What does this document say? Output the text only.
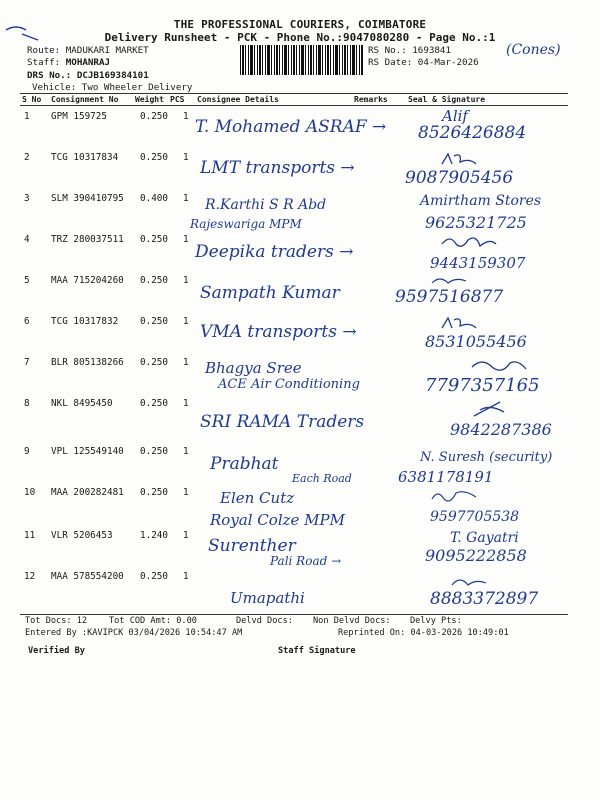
THE PROFESSIONAL COURIERS, COIMBATORE
Delivery Runsheet - PCK - Phone No.:9047080280 - Page No.:1
Route: MADUKARI MARKET
Staff: MOHANRAJ
DRS No.: DCJB169384101
Vehicle: Two Wheeler Delivery
RS No.: 1693841
RS Date: 04-Mar-2026
(Cones)
S No Consignment No Weight PCS Consignee Details	Remarks	Seal & Signature
1 GPM 159725	0.250 1
T. Mohamed ASRAF →
Alif
8526426884
2 TCG 10317834 0.250 1
LMT transports →	9087905456
3 SLM 390410795 0.400 1 R.Karthi S R Abd
Rajeswariga MPM
Amirtham Stores
9625321725
4 TRZ 280037511 0.250 1
Deepika traders →
9443159307
5 MAA 715204260 0.250 1
Sampath Kumar	9597516877
6 TCG 10317832 0.250 1
VMA transports →	8531055456
7 BLR 805138266 0.250 1 Bhagya Sree
ACE Air Conditioning	7797357165
8 NKL 8495450	0.250 1
SRI RAMA Traders	9842287386
9 VPL 125549140 0.250 1
Prabhat
Each Road
N. Suresh (security)
6381178191
10 MAA 200282481 0.250 1 Elen Cutz
Royal Colze MPM	9597705538
11 VLR 5206453	1.240 1
Surenther
Pali Road →
T. Gayatri
9095222858
12 MAA 578554200 0.250 1
Umapathi	8883372897
Tot Docs: 12	Tot COD Amt: 0.00	Delvd Docs: Non Delvd Docs: Delvy Pts:
Entered By :KAVIPCK 03/04/2026 10:54:47 AM	Reprinted On: 04-03-2026 10:49:01
Verified By	Staff Signature
